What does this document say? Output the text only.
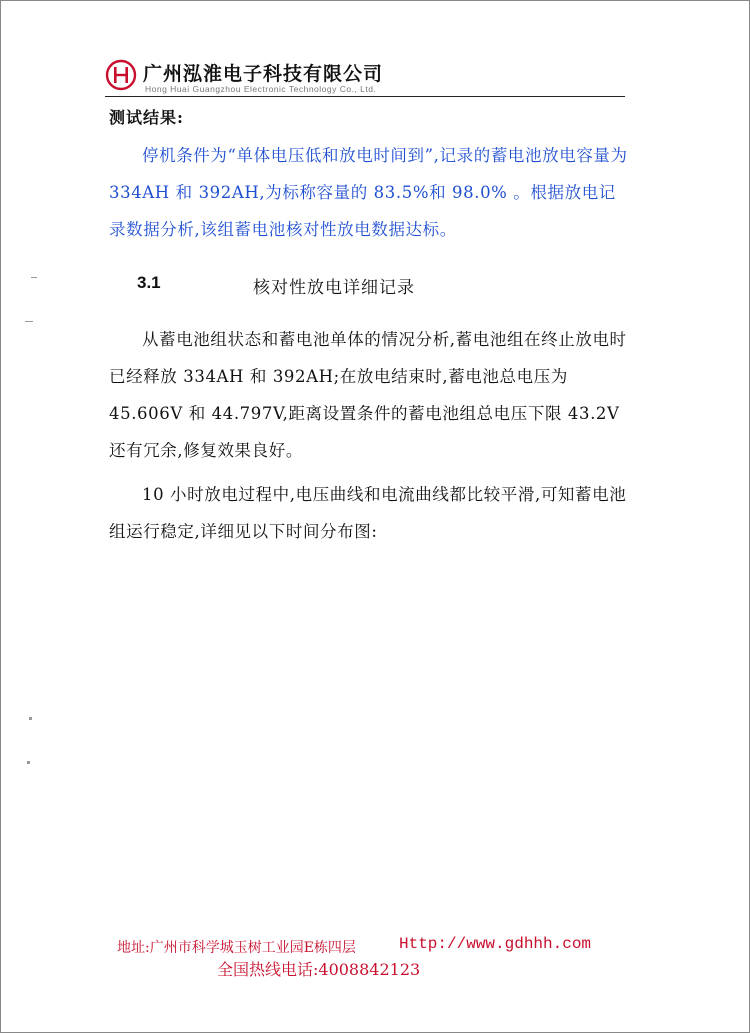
广州泓淮电子科技有限公司
Hong Huai Guangzhou Electronic Technology Co., Ltd.
测试结果:

停机条件为“单体电压低和放电时间到”,记录的蓄电池放电容量为 334AH 和 392AH,为标称容量的 83.5%和 98.0% 。根据放电记录数据分析,该组蓄电池核对性放电数据达标。

3.1	核对性放电详细记录

从蓄电池组状态和蓄电池单体的情况分析,蓄电池组在终止放电时已经释放 334AH 和 392AH;在放电结束时,蓄电池总电压为 45.606V 和 44.797V,距离设置条件的蓄电池组总电压下限 43.2V 还有冗余,修复效果良好。

10 小时放电过程中,电压曲线和电流曲线都比较平滑,可知蓄电池组运行稳定,详细见以下时间分布图:

地址:广州市科学城玉树工业园E栋四层	Http://www.gdhhh.com
全国热线电话:4008842123
